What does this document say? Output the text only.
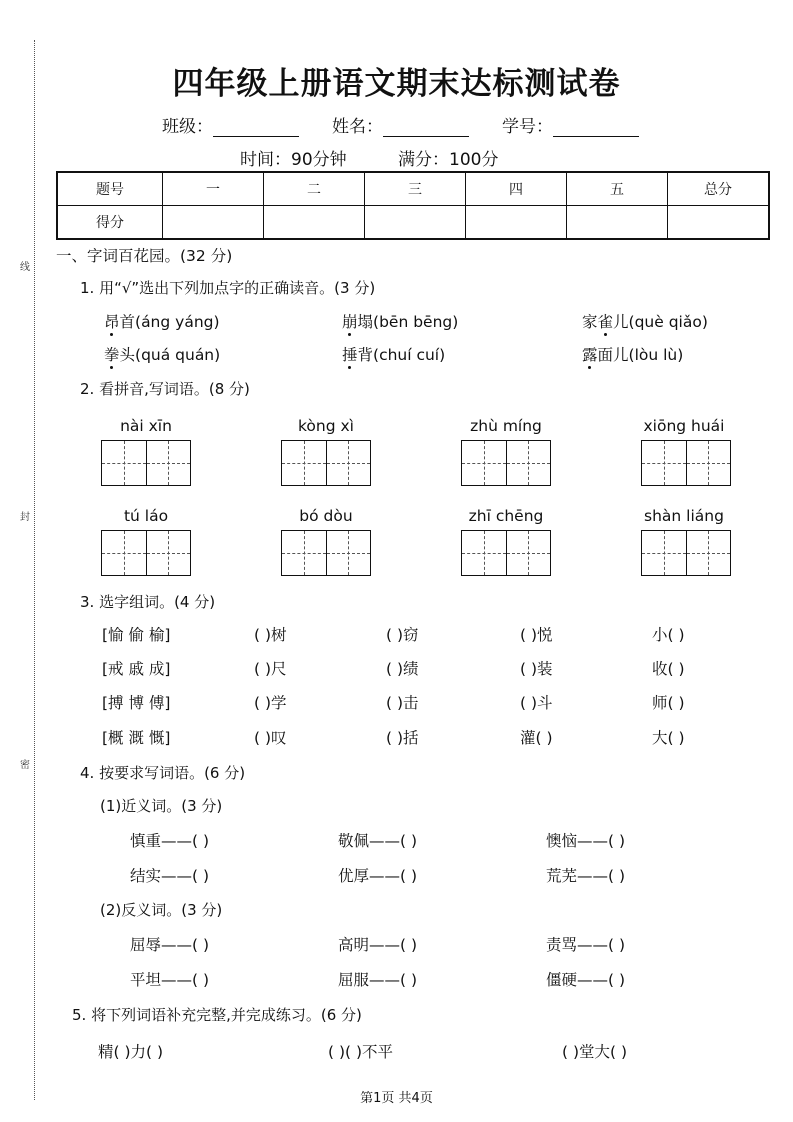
线
封
密
四年级上册语文期末达标测试卷
班级：	姓名：	学号：
时间：90分钟	满分：100分
题号	一	二	三	四	五	总分
得分						
一、字词百花园。(32 分)
1. 用“√”选出下列加点字的正确读音。(3 分)
昂首(áng yáng)	崩塌(bēn bēng)	家雀儿(què qiǎo)
拳头(quá quán)	捶背(chuí cuí)	露面儿(lòu lù)
2. 看拼音,写词语。(8 分)
nài xīn	kòng xì	zhù míng	xiōng huái
tú láo	bó dòu	zhī chēng	shàn liáng
3. 选字组词。(4 分)
[愉 偷 榆]	( )树	( )窃	( )悦	小( )
[戒 戚 成]	( )尺	( )绩	( )装	收( )
[搏 博 傅]	( )学	( )击	( )斗	师( )
[概 溉 慨]	( )叹	( )括	灌( )	大( )
4. 按要求写词语。(6 分)
(1)近义词。(3 分)
慎重——( )	敬佩——( )	懊恼——( )
结实——( )	优厚——( )	荒芜——( )
(2)反义词。(3 分)
屈辱——( )	高明——( )	责骂——( )
平坦——( )	屈服——( )	僵硬——( )
5. 将下列词语补充完整,并完成练习。(6 分)
精( )力( )	( )( )不平	( )堂大( )
第1页 共4页
